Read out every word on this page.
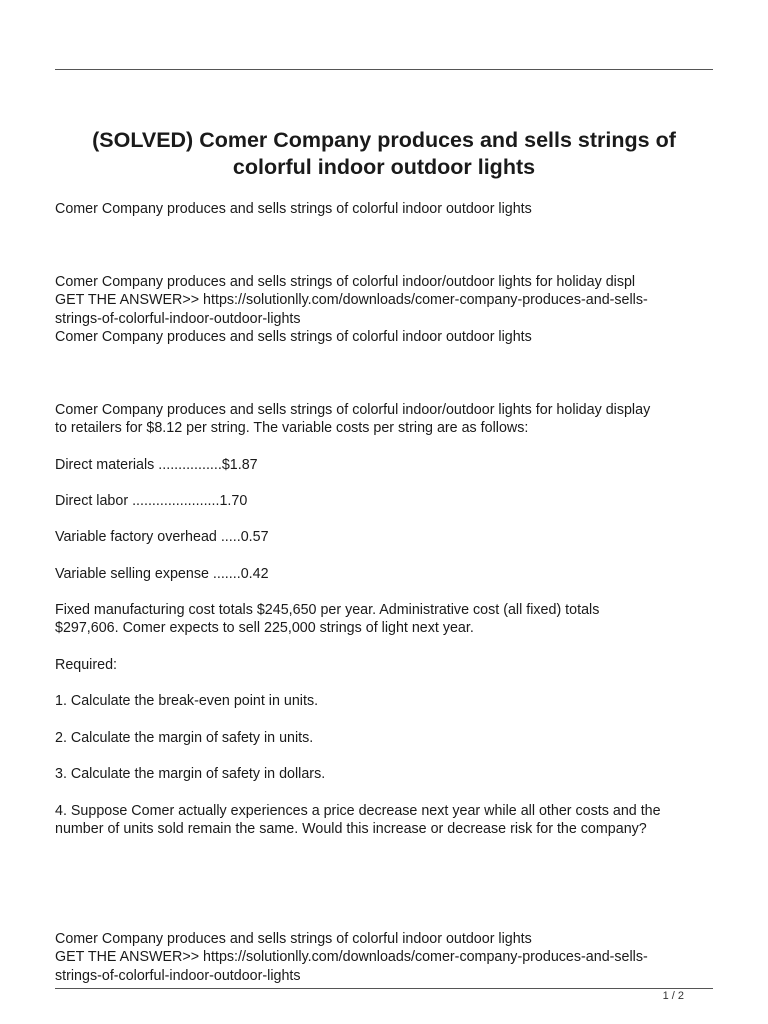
(SOLVED) Comer Company produces and sells strings of
colorful indoor outdoor lights

Comer Company produces and sells strings of colorful indoor outdoor lights

Comer Company produces and sells strings of colorful indoor/outdoor lights for holiday displ
GET THE ANSWER>> https://solutionlly.com/downloads/comer-company-produces-and-sells-
strings-of-colorful-indoor-outdoor-lights
Comer Company produces and sells strings of colorful indoor outdoor lights

Comer Company produces and sells strings of colorful indoor/outdoor lights for holiday display
to retailers for $8.12 per string. The variable costs per string are as follows:

Direct materials ................$1.87

Direct labor ......................1.70

Variable factory overhead .....0.57

Variable selling expense .......0.42

Fixed manufacturing cost totals $245,650 per year. Administrative cost (all fixed) totals
$297,606. Comer expects to sell 225,000 strings of light next year.

Required:

1. Calculate the break-even point in units.

2. Calculate the margin of safety in units.

3. Calculate the margin of safety in dollars.

4. Suppose Comer actually experiences a price decrease next year while all other costs and the
number of units sold remain the same. Would this increase or decrease risk for the company?

Comer Company produces and sells strings of colorful indoor outdoor lights
GET THE ANSWER>> https://solutionlly.com/downloads/comer-company-produces-and-sells-
strings-of-colorful-indoor-outdoor-lights

1 / 2
